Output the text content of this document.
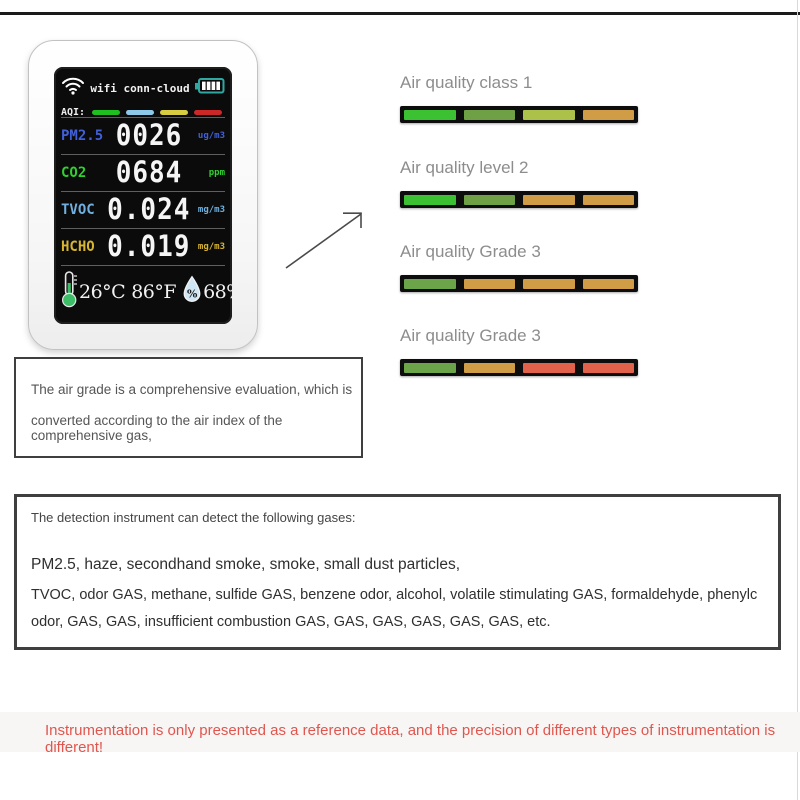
wifi conn-cloud
AQI:
PM2.5 0026	ug/m3
CO2	0684	ppm
TVOC 0.024 mg/m3
HCHO 0.019 mg/m3
26°C 86°F % 68%
Air quality class 1
Air quality level 2
Air quality Grade 3
Air quality Grade 3
The air grade is a comprehensive evaluation, which is
converted according to the air index of the comprehensive gas,
The detection instrument can detect the following gases:
PM2.5, haze, secondhand smoke, smoke, small dust particles,
TVOC, odor GAS, methane, sulfide GAS, benzene odor, alcohol, volatile stimulating GAS, formaldehyde, phenylc
odor, GAS, GAS, insufficient combustion GAS, GAS, GAS, GAS, GAS, GAS, etc.
Instrumentation is only presented as a reference data, and the precision of different types of instrumentation is different!
